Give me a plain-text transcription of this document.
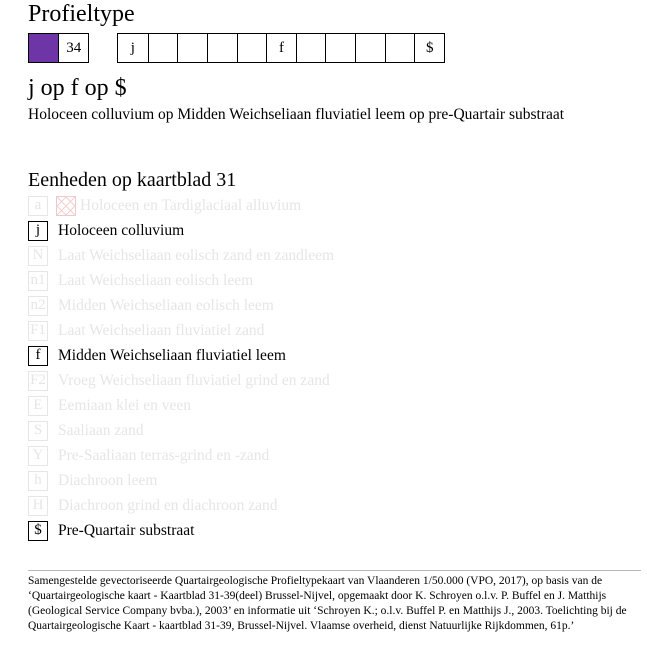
Profieltype
34	j	f	$
j op f op $
Holoceen colluvium op Midden Weichseliaan fluviatiel leem op pre-Quartair substraat
Eenheden op kaartblad 31
a	Holoceen en Tardiglaciaal alluvium
j	Holoceen colluvium
N Laat Weichseliaan eolisch zand en zandleem
n1 Laat Weichseliaan eolisch leem
n2 Midden Weichseliaan eolisch leem
F1 Laat Weichseliaan fluviatiel zand
f	Midden Weichseliaan fluviatiel leem
F2 Vroeg Weichseliaan fluviatiel grind en zand
E Eemiaan klei en veen
S	Saaliaan zand
Y Pre-Saaliaan terras-grind en -zand
h	Diachroon leem
H Diachroon grind en diachroon zand
$	Pre-Quartair substraat
Samengestelde gevectoriseerde Quartairgeologische Profieltypekaart van Vlaanderen 1/50.000 (VPO, 2017), op basis van de ‘Quartairgeologische kaart - Kaartblad 31-39(deel) Brussel-Nijvel, opgemaakt door K. Schroyen o.l.v. P. Buffel en J. Matthijs (Geological Service Company bvba.), 2003’ en informatie uit ‘Schroyen K.; o.l.v. Buffel P. en Matthijs J., 2003. Toelichting bij de Quartairgeologische Kaart - kaartblad 31-39, Brussel-Nijvel. Vlaamse overheid, dienst Natuurlijke Rijkdommen, 61p.’
